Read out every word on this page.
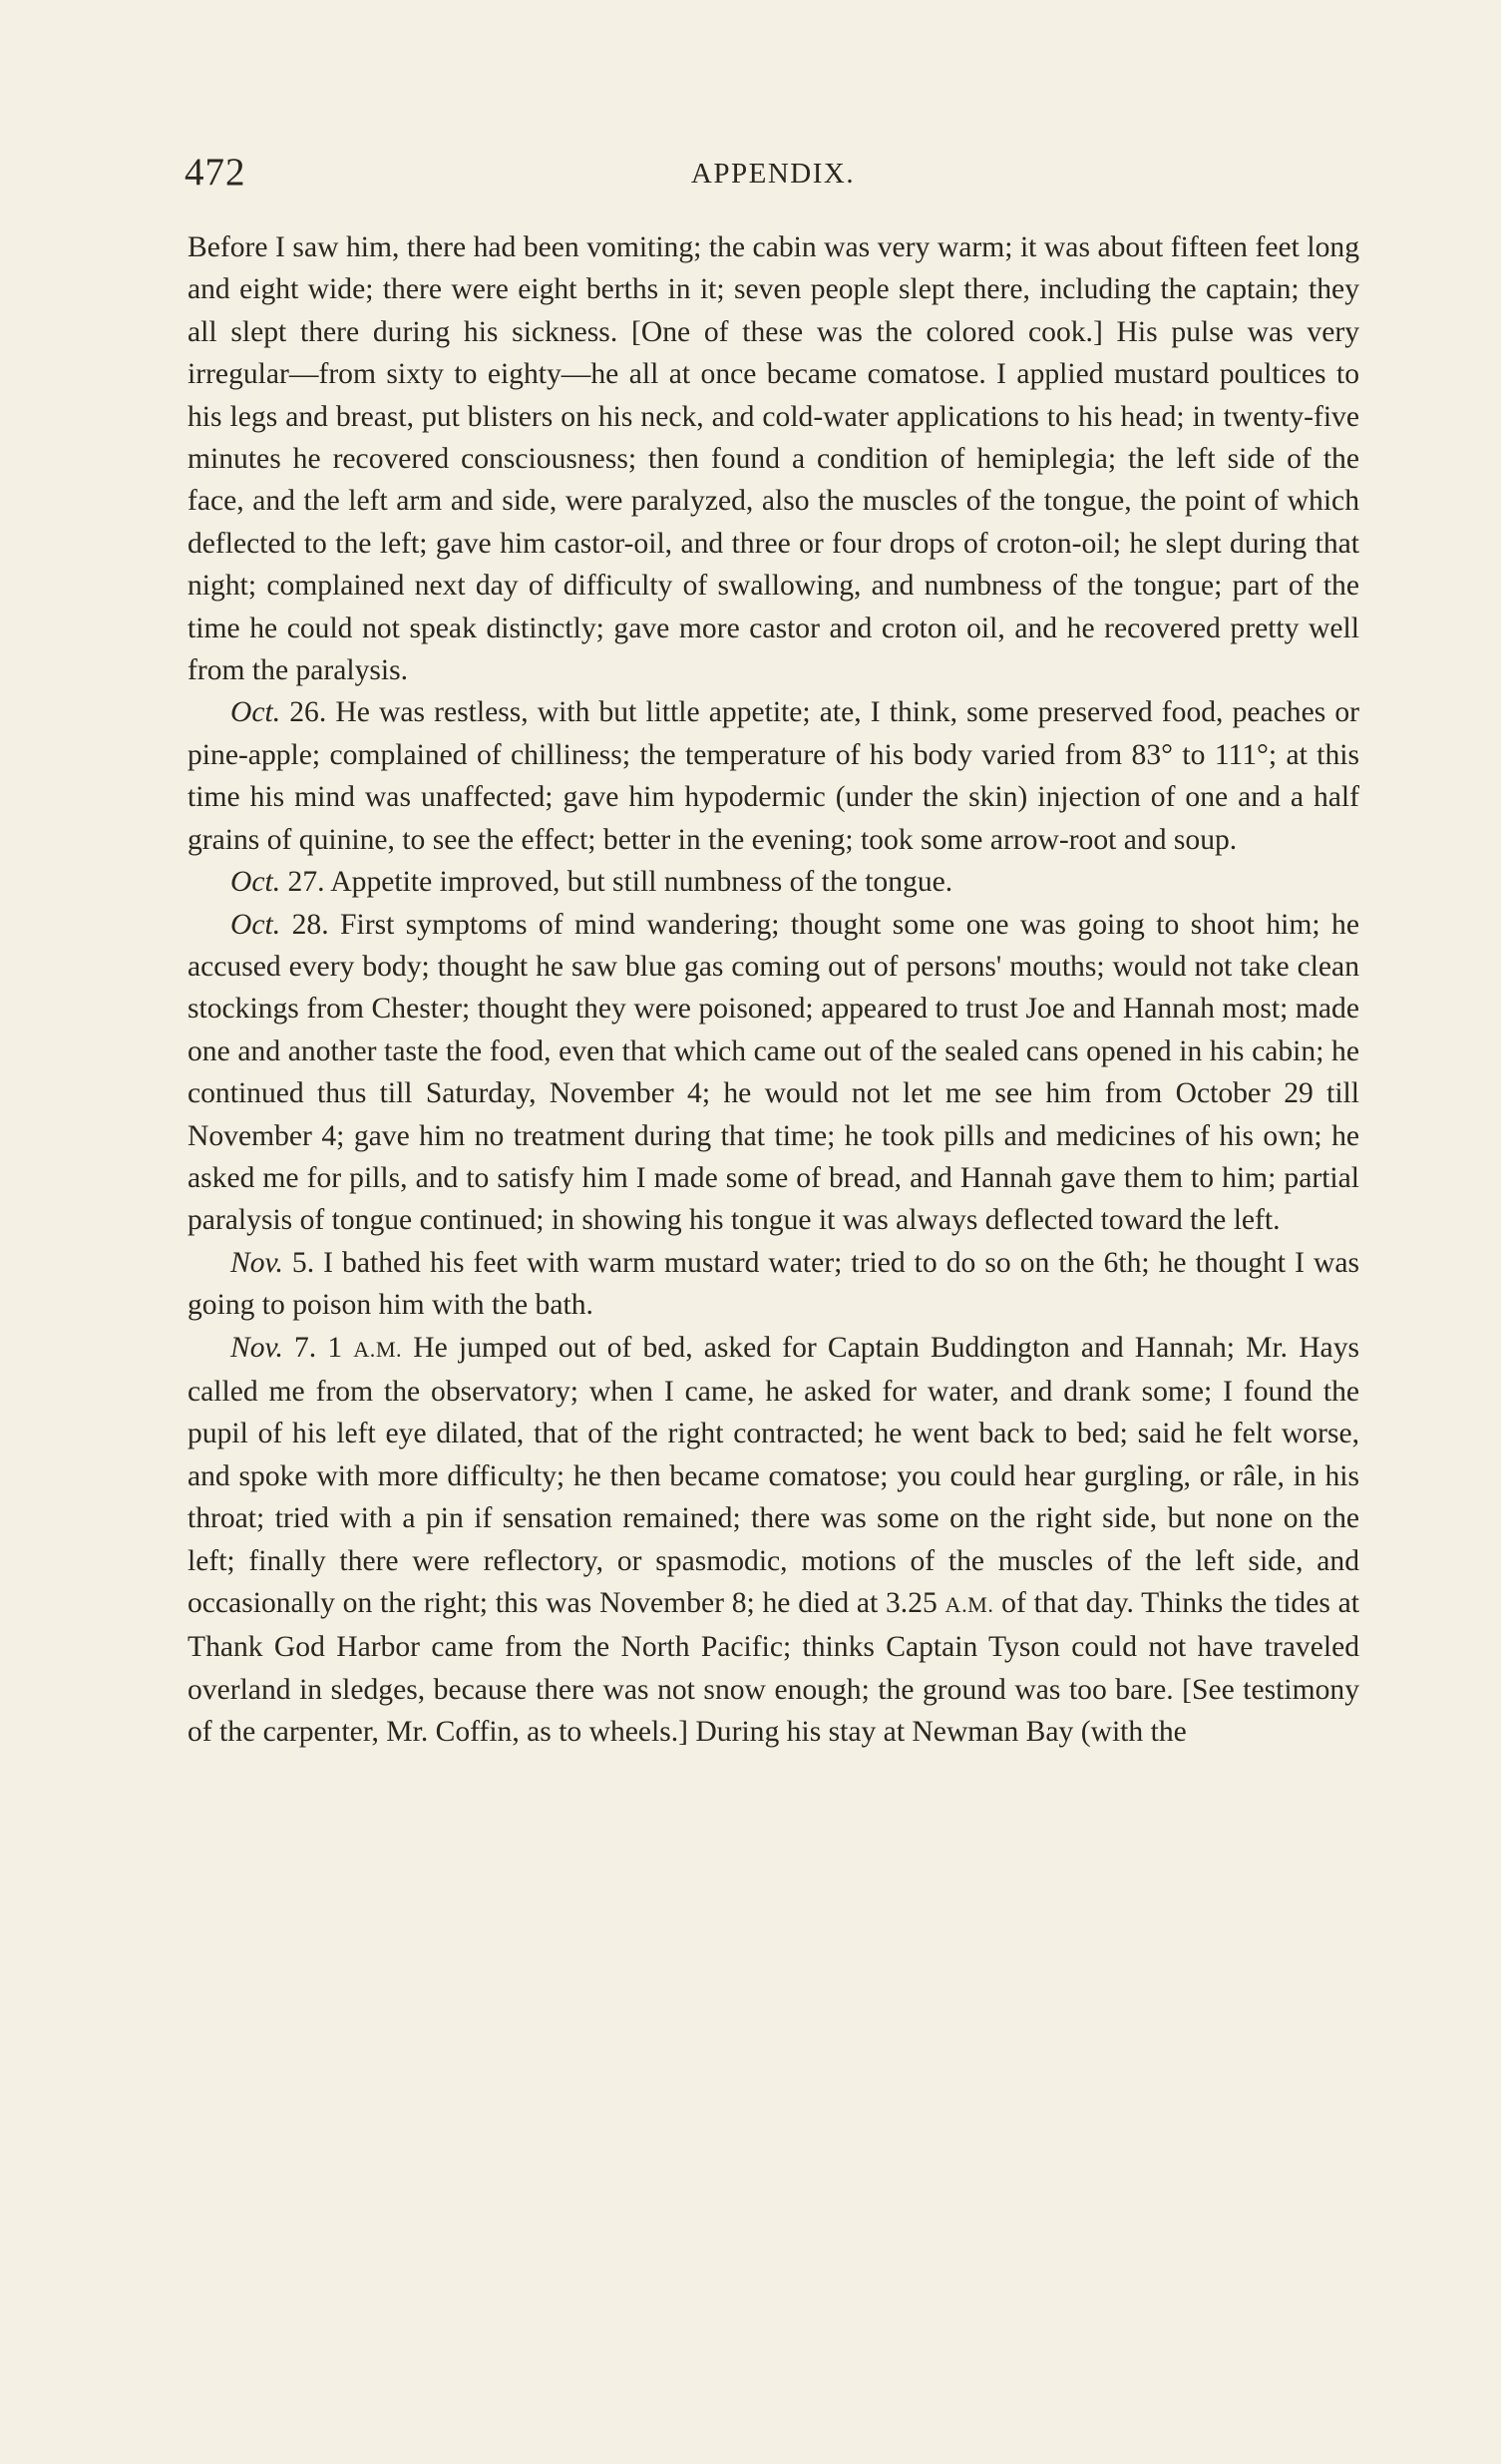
472	APPENDIX.

Before I saw him, there had been vomiting; the cabin was very warm; it was about fifteen feet long and eight wide; there were eight berths in it; seven people slept there, including the captain; they all slept there during his sickness. [One of these was the colored cook.] His pulse was very irregular—from sixty to eighty—he all at once became comatose. I applied mustard poultices to his legs and breast, put blisters on his neck, and cold-water applications to his head; in twenty-five minutes he recovered consciousness; then found a condition of hemiplegia; the left side of the face, and the left arm and side, were paralyzed, also the muscles of the tongue, the point of which deflected to the left; gave him castor-oil, and three or four drops of croton-oil; he slept during that night; complained next day of difficulty of swallowing, and numbness of the tongue; part of the time he could not speak distinctly; gave more castor and croton oil, and he recovered pretty well from the paralysis.

Oct. 26. He was restless, with but little appetite; ate, I think, some preserved food, peaches or pine-apple; complained of chilliness; the temperature of his body varied from 83° to 111°; at this time his mind was unaffected; gave him hypodermic (under the skin) injection of one and a half grains of quinine, to see the effect; better in the evening; took some arrow-root and soup.

Oct. 27. Appetite improved, but still numbness of the tongue.

Oct. 28. First symptoms of mind wandering; thought some one was going to shoot him; he accused every body; thought he saw blue gas coming out of persons' mouths; would not take clean stockings from Chester; thought they were poisoned; appeared to trust Joe and Hannah most; made one and another taste the food, even that which came out of the sealed cans opened in his cabin; he continued thus till Saturday, November 4; he would not let me see him from October 29 till November 4; gave him no treatment during that time; he took pills and medicines of his own; he asked me for pills, and to satisfy him I made some of bread, and Hannah gave them to him; partial paralysis of tongue continued; in showing his tongue it was always deflected toward the left.

Nov. 5. I bathed his feet with warm mustard water; tried to do so on the 6th; he thought I was going to poison him with the bath.

Nov. 7. 1 A.M. He jumped out of bed, asked for Captain Buddington and Hannah; Mr. Hays called me from the observatory; when I came, he asked for water, and drank some; I found the pupil of his left eye dilated, that of the right contracted; he went back to bed; said he felt worse, and spoke with more difficulty; he then became comatose; you could hear gurgling, or râle, in his throat; tried with a pin if sensation remained; there was some on the right side, but none on the left; finally there were reflectory, or spasmodic, motions of the muscles of the left side, and occasionally on the right; this was November 8; he died at 3.25 A.M. of that day. Thinks the tides at Thank God Harbor came from the North Pacific; thinks Captain Tyson could not have traveled overland in sledges, because there was not snow enough; the ground was too bare. [See testimony of the carpenter, Mr. Coffin, as to wheels.] During his stay at Newman Bay (with the
